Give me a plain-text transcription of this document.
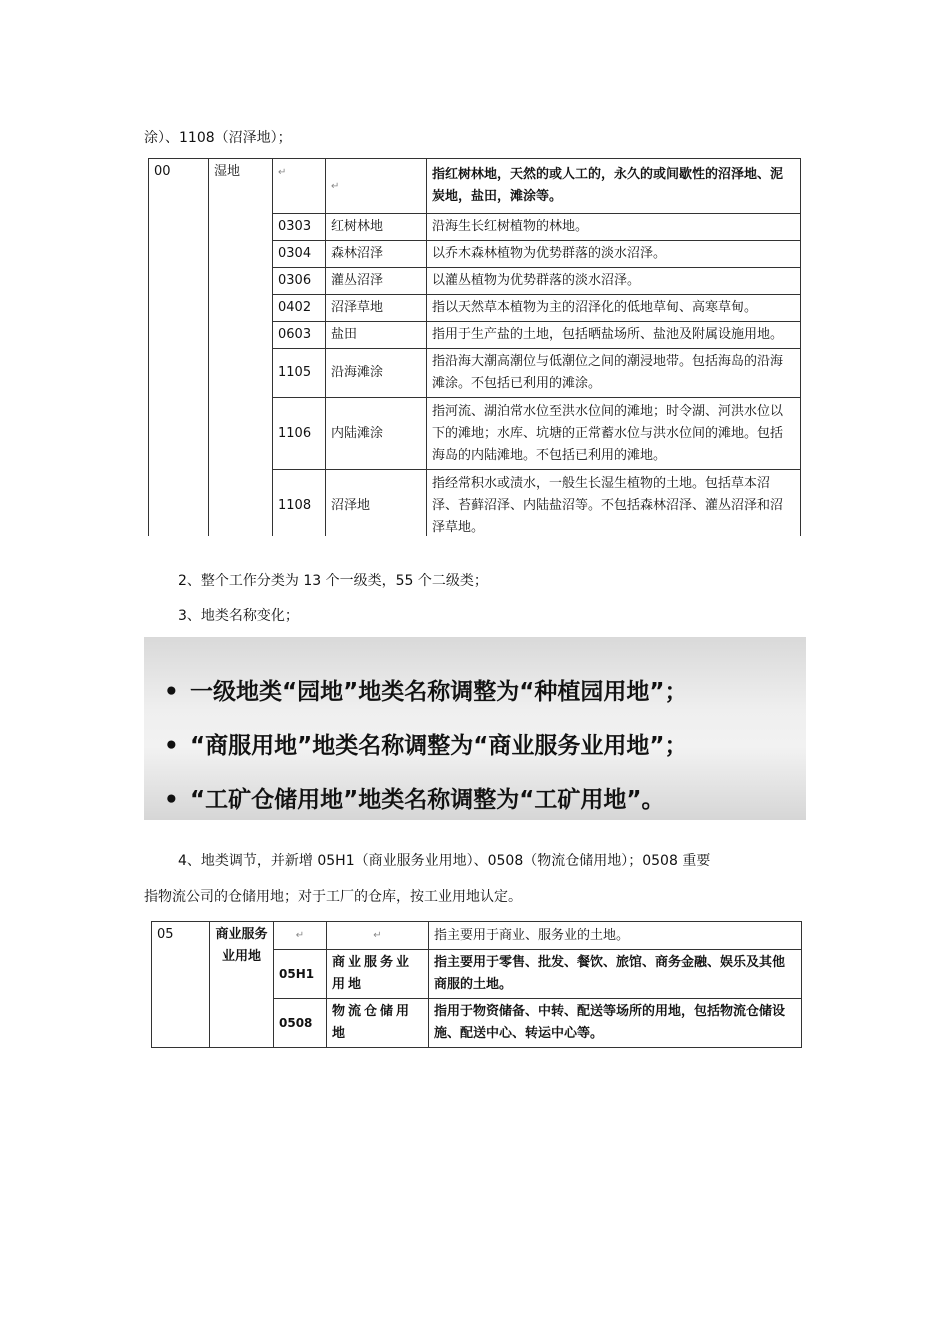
涂）、1108（沼泽地）；
00	湿地	↵	↵	指红树林地，天然的或人工的，永久的或间歇性的沼泽地、泥炭地，盐田，滩涂等。
		0303	红树林地	沿海生长红树植物的林地。
		0304	森林沼泽	以乔木森林植物为优势群落的淡水沼泽。
		0306	灌丛沼泽	以灌丛植物为优势群落的淡水沼泽。
		0402	沼泽草地	指以天然草本植物为主的沼泽化的低地草甸、高寒草甸。
		0603	盐田	指用于生产盐的土地，包括晒盐场所、盐池及附属设施用地。
		1105	沿海滩涂	指沿海大潮高潮位与低潮位之间的潮浸地带。包括海岛的沿海滩涂。不包括已利用的滩涂。
		1106	内陆滩涂	指河流、湖泊常水位至洪水位间的滩地；时令湖、河洪水位以下的滩地；水库、坑塘的正常蓄水位与洪水位间的滩地。包括海岛的内陆滩地。不包括已利用的滩地。
		1108	沼泽地	指经常积水或渍水，一般生长湿生植物的土地。包括草本沼泽、苔藓沼泽、内陆盐沼等。不包括森林沼泽、灌丛沼泽和沼泽草地。
2、整个工作分类为 13 个一级类，55 个二级类；
3、地类名称变化；
• 一级地类“园地”地类名称调整为“种植园用地”；
• “商服用地”地类名称调整为“商业服务业用地”；
• “工矿仓储用地”地类名称调整为“工矿用地”。
4、地类调节，并新增 05H1（商业服务业用地）、0508（物流仓储用地）；0508 重要
指物流公司的仓储用地；对于工厂的仓库，按工业用地认定。
05	商业服务业用地	↵	↵	指主要用于商业、服务业的土地。
		05H1	商业服务业用地	指主要用于零售、批发、餐饮、旅馆、商务金融、娱乐及其他商服的土地。
		0508	物流仓储用地	指用于物资储备、中转、配送等场所的用地，包括物流仓储设施、配送中心、转运中心等。
